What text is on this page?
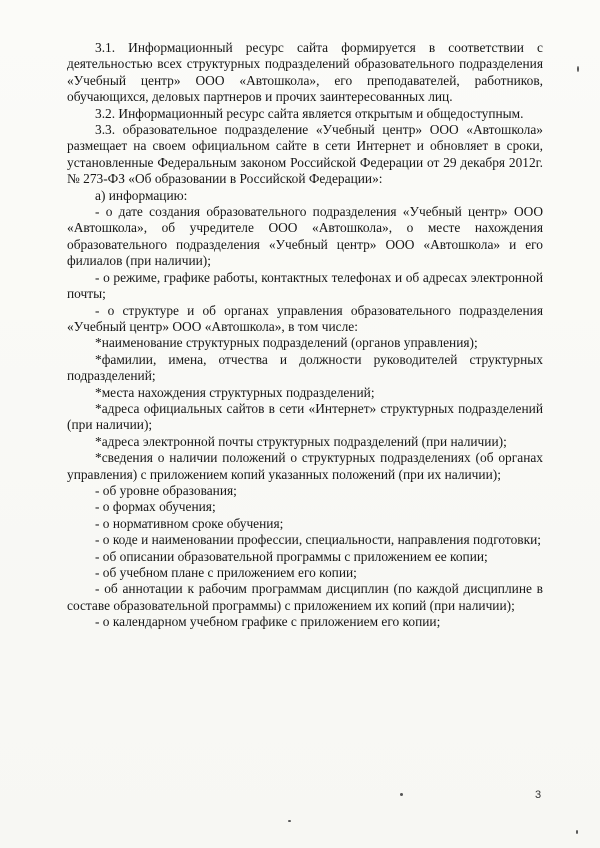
3.1. Информационный ресурс сайта формируется в соответствии с деятельностью всех структурных подразделений образовательного подразделения «Учебный центр» ООО «Автошкола», его преподавателей, работников, обучающихся, деловых партнеров и прочих заинтересованных лиц.

3.2. Информационный ресурс сайта является открытым и общедоступным.

3.3. образовательное подразделение «Учебный центр» ООО «Автошкола» размещает на своем официальном сайте в сети Интернет и обновляет в сроки, установленные Федеральным законом Российской Федерации от 29 декабря 2012г. № 273-ФЗ «Об образовании в Российской Федерации»:

а) информацию:

- о дате создания образовательного подразделения «Учебный центр» ООО «Автошкола», об учредителе ООО «Автошкола», о месте нахождения образовательного подразделения «Учебный центр» ООО «Автошкола» и его филиалов (при наличии);

- о режиме, графике работы, контактных телефонах и об адресах электронной почты;

- о структуре и об органах управления образовательного подразделения «Учебный центр» ООО «Автошкола», в том числе:

*наименование структурных подразделений (органов управления);

*фамилии, имена, отчества и должности руководителей структурных подразделений;

*места нахождения структурных подразделений;

*адреса официальных сайтов в сети «Интернет» структурных подразделений (при наличии);

*адреса электронной почты структурных подразделений (при наличии);

*сведения о наличии положений о структурных подразделениях (об органах управления) с приложением копий указанных положений (при их наличии);

- об уровне образования;

- о формах обучения;

- о нормативном сроке обучения;

- о коде и наименовании профессии, специальности, направления подготовки;

- об описании образовательной программы с приложением ее копии;

- об учебном плане с приложением его копии;

- об аннотации к рабочим программам дисциплин (по каждой дисциплине в составе образовательной программы) с приложением их копий (при наличии);

- о календарном учебном графике с приложением его копии;

3
